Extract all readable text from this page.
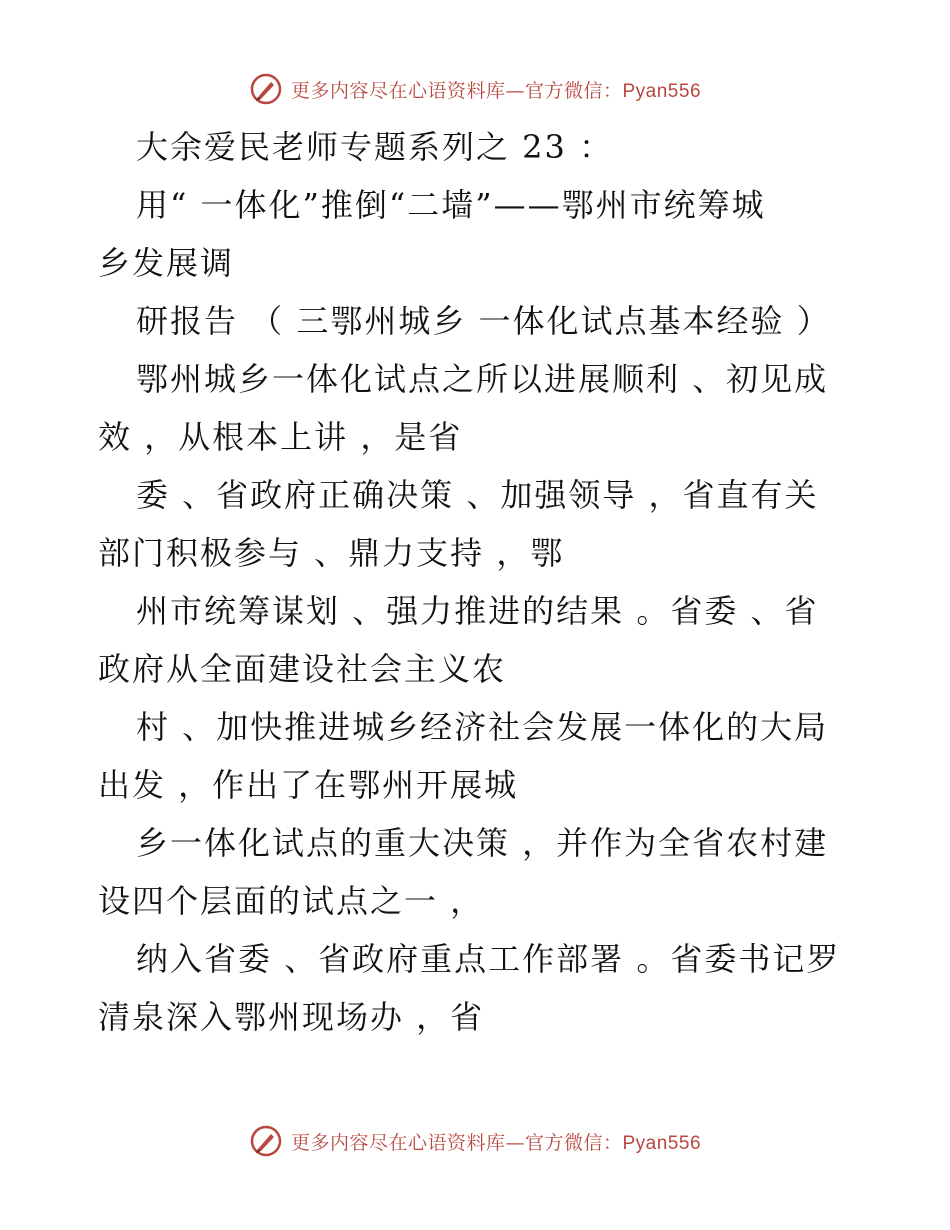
更多内容尽在心语资料库—官方微信：Pyan556
大余爱民老师专题系列之 23 ：
用“ 一体化”推倒“二墙”——鄂州市统筹城
乡发展调
研报告 （ 三鄂州城乡 一体化试点基本经验 ）
鄂州城乡一体化试点之所以进展顺利 、初见成
效 ，从根本上讲 ，是省
委 、省政府正确决策 、加强领导 ，省直有关
部门积极参与 、鼎力支持 ，鄂
州市统筹谋划 、强力推进的结果 。省委 、省
政府从全面建设社会主义农
村 、加快推进城乡经济社会发展一体化的大局
出发 ，作出了在鄂州开展城
乡一体化试点的重大决策 ，并作为全省农村建
设四个层面的试点之一 ，
纳入省委 、省政府重点工作部署 。省委书记罗
清泉深入鄂州现场办 ，省
更多内容尽在心语资料库—官方微信：Pyan556
